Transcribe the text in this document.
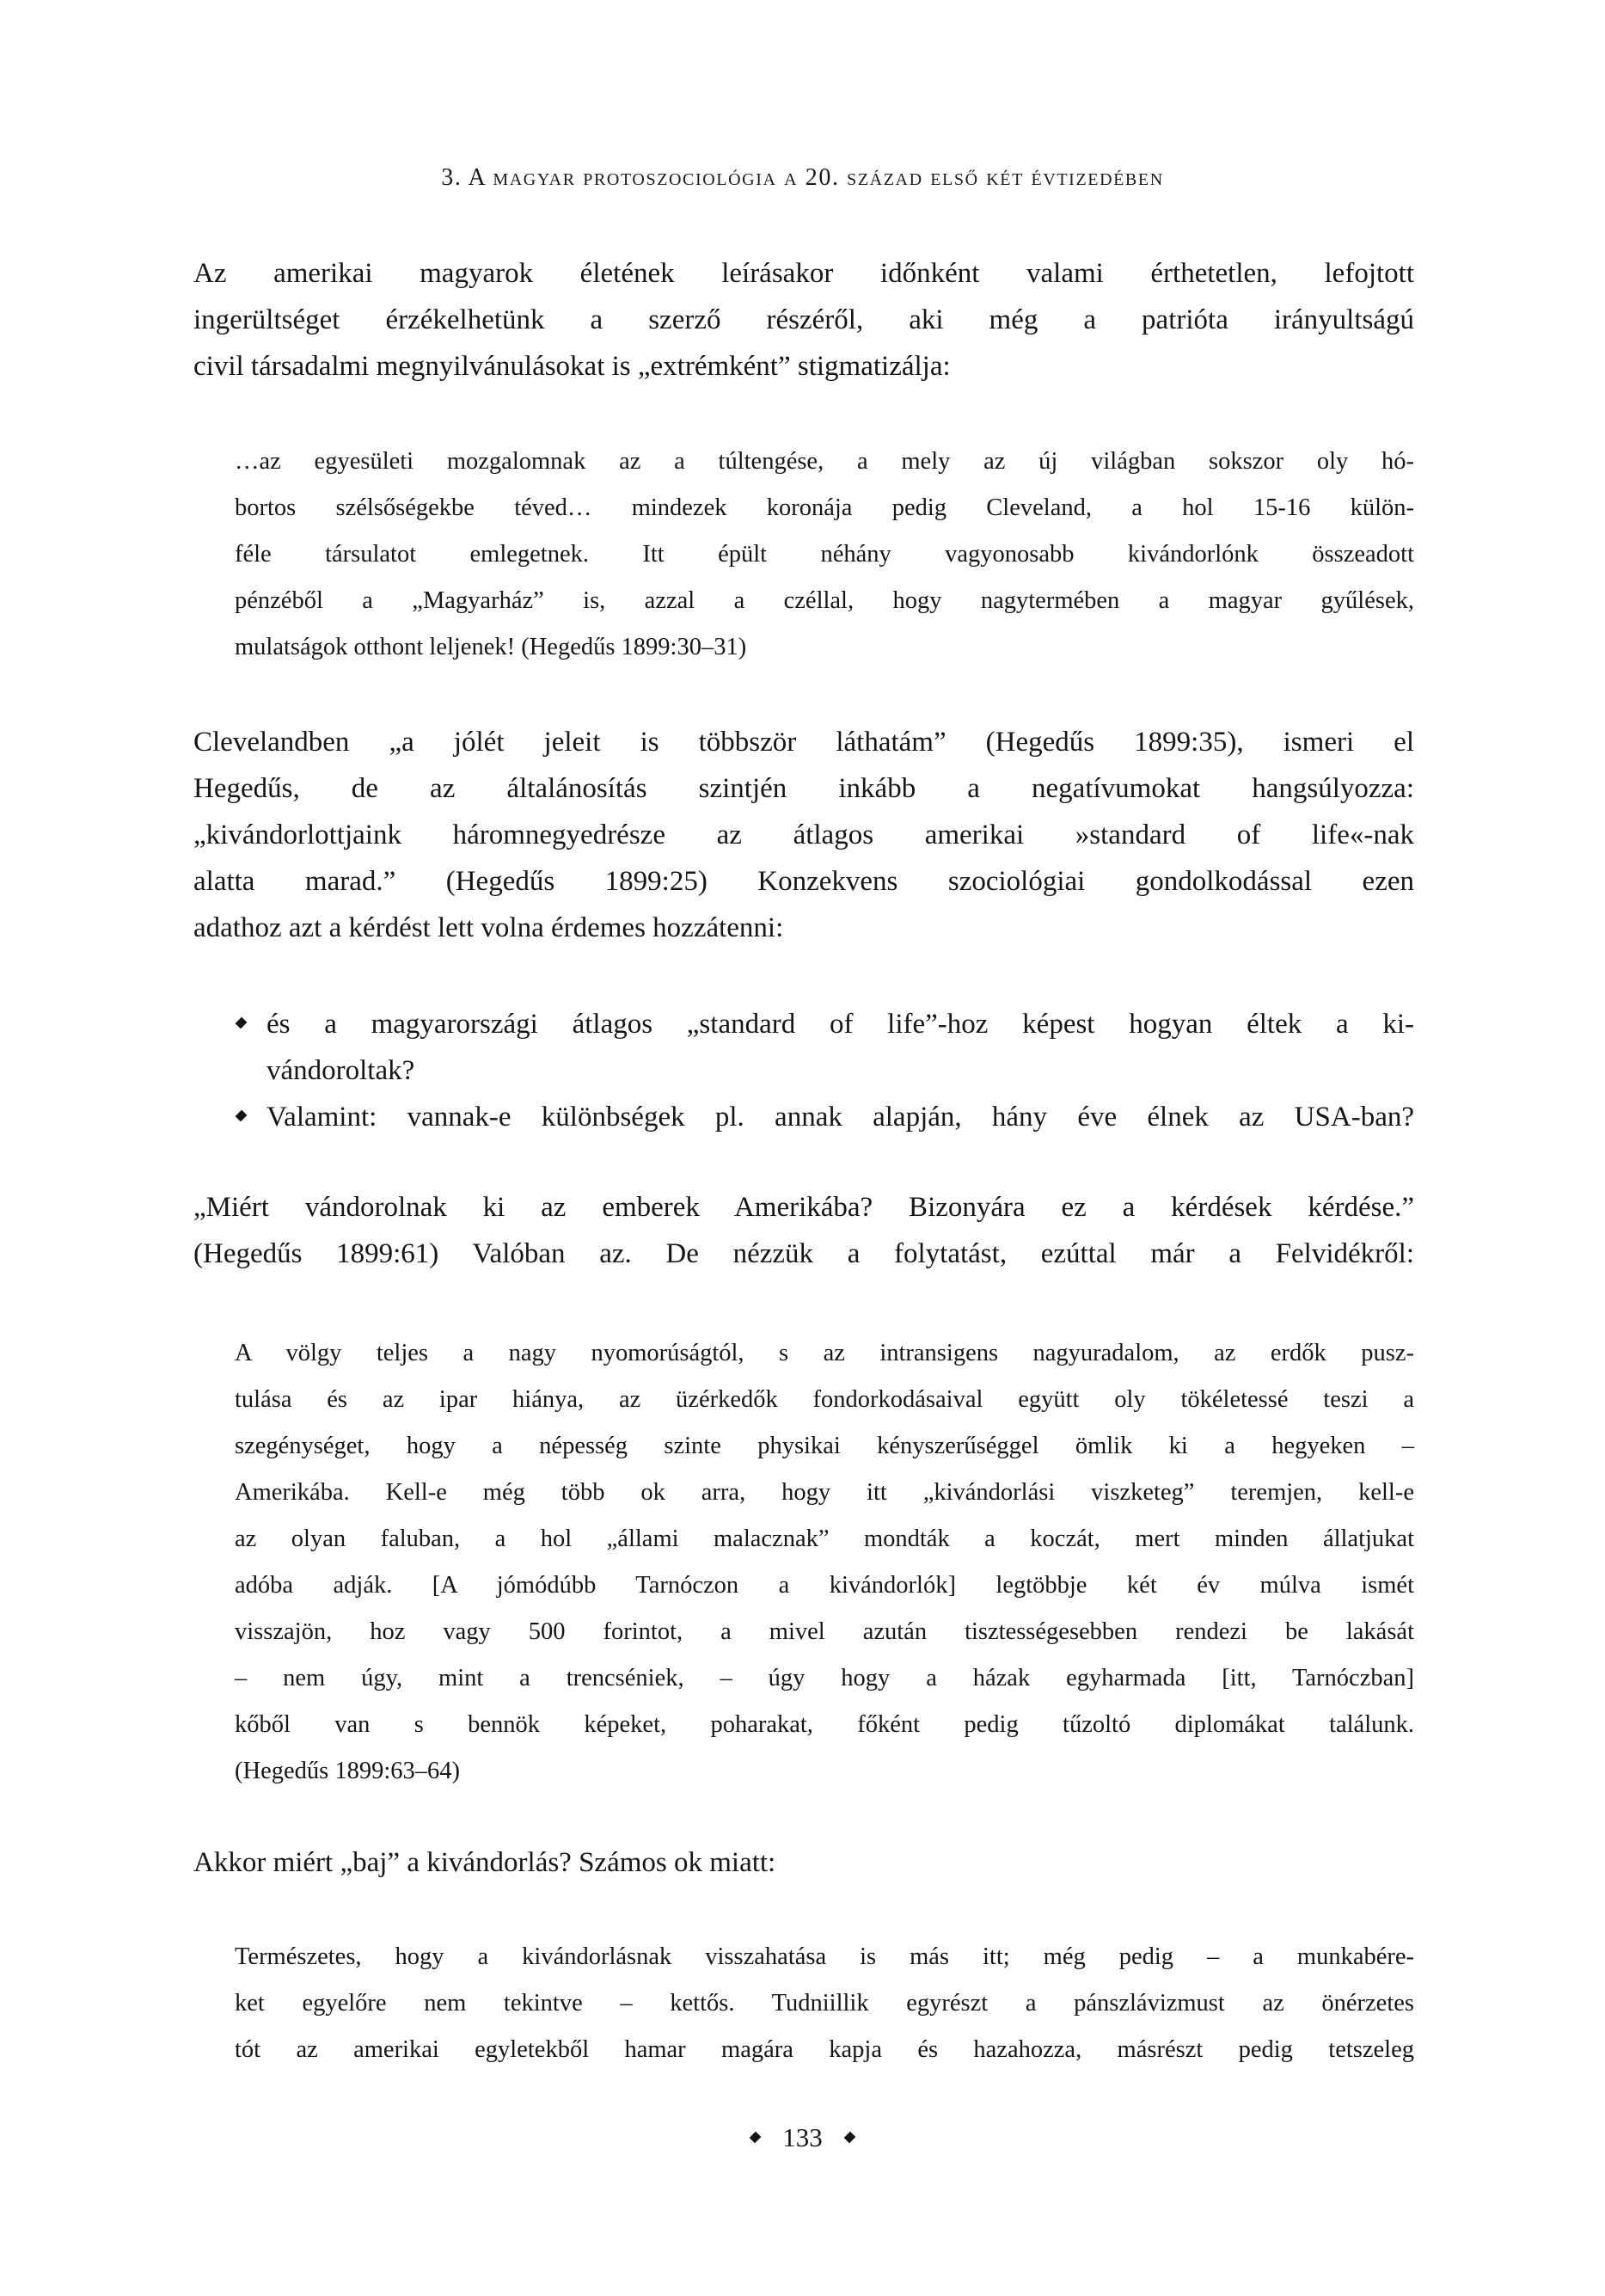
3. A magyar protoszociológia a 20. század első két évtizedében
Az amerikai magyarok életének leírásakor időnként valami érthetetlen, lefojtott
ingerültséget érzékelhetünk a szerző részéről, aki még a patrióta irányultságú
civil társadalmi megnyilvánulásokat is „extrémként” stigmatizálja:
…az egyesületi mozgalomnak az a túltengése, a mely az új világban sokszor oly hó-
bortos szélsőségekbe téved… mindezek koronája pedig Cleveland, a hol 15-16 külön-
féle társulatot emlegetnek. Itt épült néhány vagyonosabb kivándorlónk összeadott
pénzéből a „Magyarház” is, azzal a czéllal, hogy nagytermében a magyar gyűlések,
mulatságok otthont leljenek! (Hegedűs 1899:30–31)
Clevelandben „a jólét jeleit is többször láthatám” (Hegedűs 1899:35), ismeri el
Hegedűs, de az általánosítás szintjén inkább a negatívumokat hangsúlyozza:
„kivándorlottjaink háromnegyedrésze az átlagos amerikai »standard of life«-nak
alatta marad.” (Hegedűs 1899:25) Konzekvens szociológiai gondolkodással ezen
adathoz azt a kérdést lett volna érdemes hozzátenni:
és a magyarországi átlagos „standard of life”-hoz képest hogyan éltek a ki-
vándoroltak?
Valamint: vannak-e különbségek pl. annak alapján, hány éve élnek az USA-ban?
„Miért vándorolnak ki az emberek Amerikába? Bizonyára ez a kérdések kérdése.”
(Hegedűs 1899:61) Valóban az. De nézzük a folytatást, ezúttal már a Felvidékről:
A völgy teljes a nagy nyomorúságtól, s az intransigens nagyuradalom, az erdők pusz-
tulása és az ipar hiánya, az üzérkedők fondorkodásaival együtt oly tökéletessé teszi a
szegénységet, hogy a népesség szinte physikai kényszerűséggel ömlik ki a hegyeken –
Amerikába. Kell-e még több ok arra, hogy itt „kivándorlási viszketeg” teremjen, kell-e
az olyan faluban, a hol „állami malacznak” mondták a koczát, mert minden állatjukat
adóba adják. [A jómódúbb Tarnóczon a kivándorlók] legtöbbje két év múlva ismét
visszajön, hoz vagy 500 forintot, a mivel azután tisztességesebben rendezi be lakását
– nem úgy, mint a trencséniek, – úgy hogy a házak egyharmada [itt, Tarnóczban]
kőből van s bennök képeket, poharakat, főként pedig tűzoltó diplomákat találunk.
(Hegedűs 1899:63–64)
Akkor miért „baj” a kivándorlás? Számos ok miatt:
Természetes, hogy a kivándorlásnak visszahatása is más itt; még pedig – a munkabére-
ket egyelőre nem tekintve – kettős. Tudniillik egyrészt a pánszlávizmust az önérzetes
tót az amerikai egyletekből hamar magára kapja és hazahozza, másrészt pedig tetszeleg
133
